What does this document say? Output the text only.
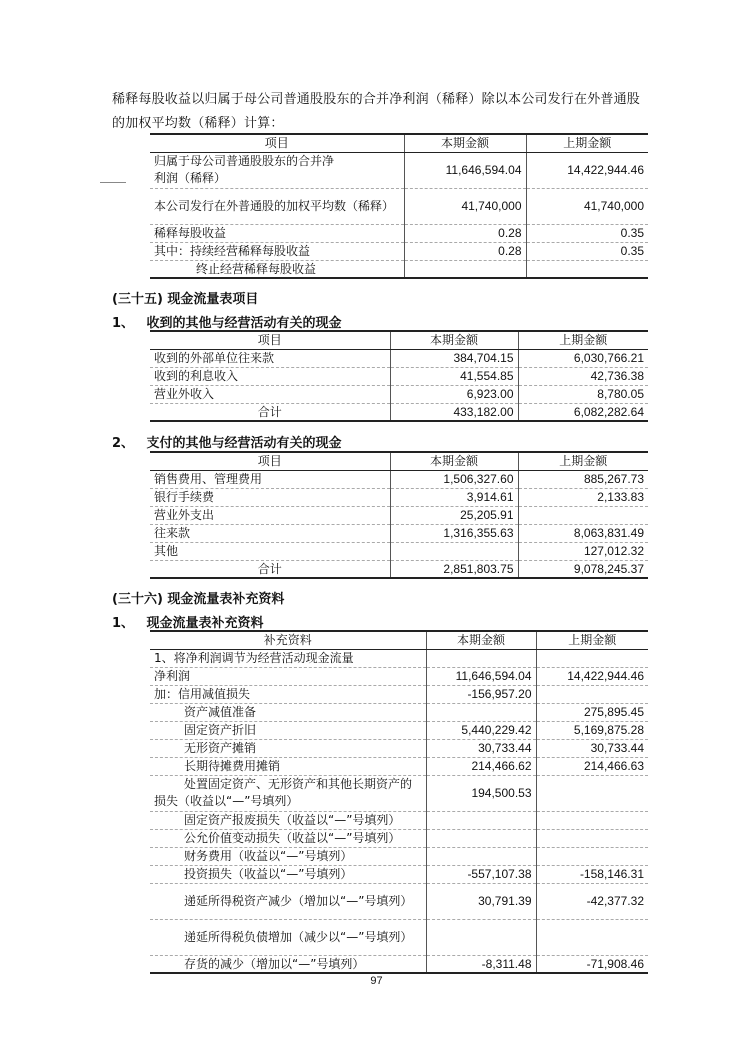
稀释每股收益以归属于母公司普通股股东的合并净利润（稀释）除以本公司发行在外普通股

的加权平均数（稀释）计算：

项目	本期金额	上期金额
归属于母公司普通股股东的合并净利润（稀释）	11,646,594.04	14,422,944.46
本公司发行在外普通股的加权平均数（稀释）	41,740,000	41,740,000
稀释每股收益	0.28	0.35
其中：持续经营稀释每股收益	0.28	0.35
终止经营稀释每股收益		
(三十五) 现金流量表项目
1、 收到的其他与经营活动有关的现金
项目	本期金额	上期金额
收到的外部单位往来款	384,704.15	6,030,766.21
收到的利息收入	41,554.85	42,736.38
营业外收入	6,923.00	8,780.05
合计	433,182.00	6,082,282.64
2、 支付的其他与经营活动有关的现金
项目	本期金额	上期金额
销售费用、管理费用	1,506,327.60	885,267.73
银行手续费	3,914.61	2,133.83
营业外支出	25,205.91	
往来款	1,316,355.63	8,063,831.49
其他		127,012.32
合计	2,851,803.75	9,078,245.37
(三十六) 现金流量表补充资料
1、 现金流量表补充资料
补充资料	本期金额	上期金额
1、将净利润调节为经营活动现金流量		
净利润	11,646,594.04	14,422,944.46
加：信用减值损失	-156,957.20	
资产减值准备		275,895.45
固定资产折旧	5,440,229.42	5,169,875.28
无形资产摊销	30,733.44	30,733.44
长期待摊费用摊销	214,466.62	214,466.63
处置固定资产、无形资产和其他长期资产的损失（收益以“—”号填列）	194,500.53	
固定资产报废损失（收益以“—”号填列）		
公允价值变动损失（收益以“—”号填列）		
财务费用（收益以“—”号填列）		
投资损失（收益以“—”号填列）	-557,107.38	-158,146.31
递延所得税资产减少（增加以“—”号填列）	30,791.39	-42,377.32
递延所得税负债增加（减少以“—”号填列）		
存货的减少（增加以“—”号填列）	-8,311.48	-71,908.46
97
